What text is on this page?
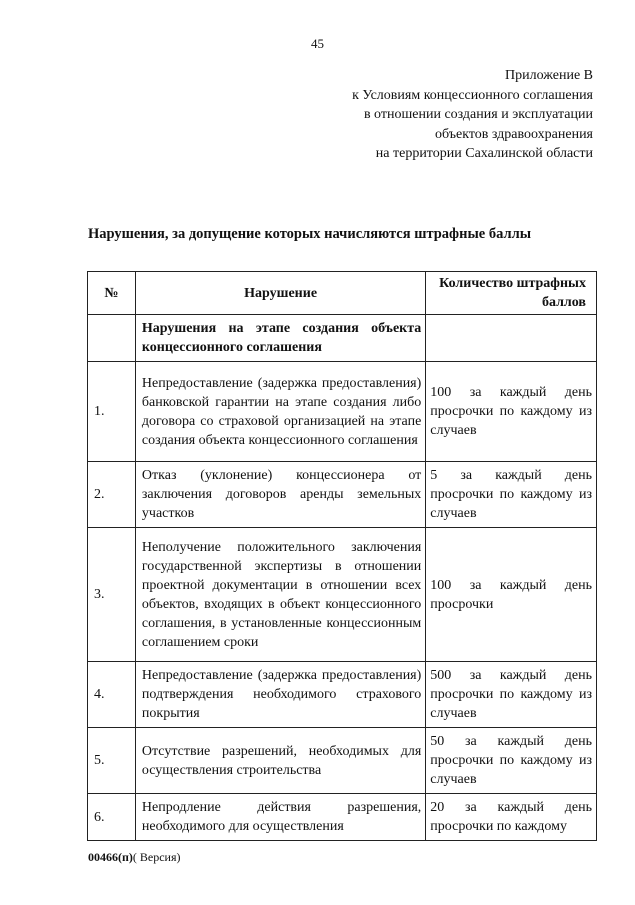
45
Приложение В
к Условиям концессионного соглашения
в отношении создания и эксплуатации
объектов здравоохранения
на территории Сахалинской области
Нарушения, за допущение которых начисляются штрафные баллы
№	Нарушение	Количество штрафных баллов
	Нарушения на этапе создания объекта концессионного соглашения	
1.	Непредоставление (задержка предоставления) банковской гарантии на этапе создания либо договора со страховой организацией на этапе создания объекта концессионного соглашения	100 за каждый день просрочки по каждому из случаев
2.	Отказ (уклонение) концессионера от заключения договоров аренды земельных участков	5 за каждый день просрочки по каждому из случаев
3.	Неполучение положительного заключения государственной экспертизы в отношении проектной документации в отношении всех объектов, входящих в объект концессионного соглашения, в установленные концессионным соглашением сроки	100 за каждый день просрочки
4.	Непредоставление (задержка предоставления) подтверждения необходимого страхового покрытия	500 за каждый день просрочки по каждому из случаев
5.	Отсутствие разрешений, необходимых для осуществления строительства	50 за каждый день просрочки по каждому из случаев
6.	Непродление действия разрешения, необходимого для осуществления	20 за каждый день просрочки по каждому
00466(п)( Версия)
